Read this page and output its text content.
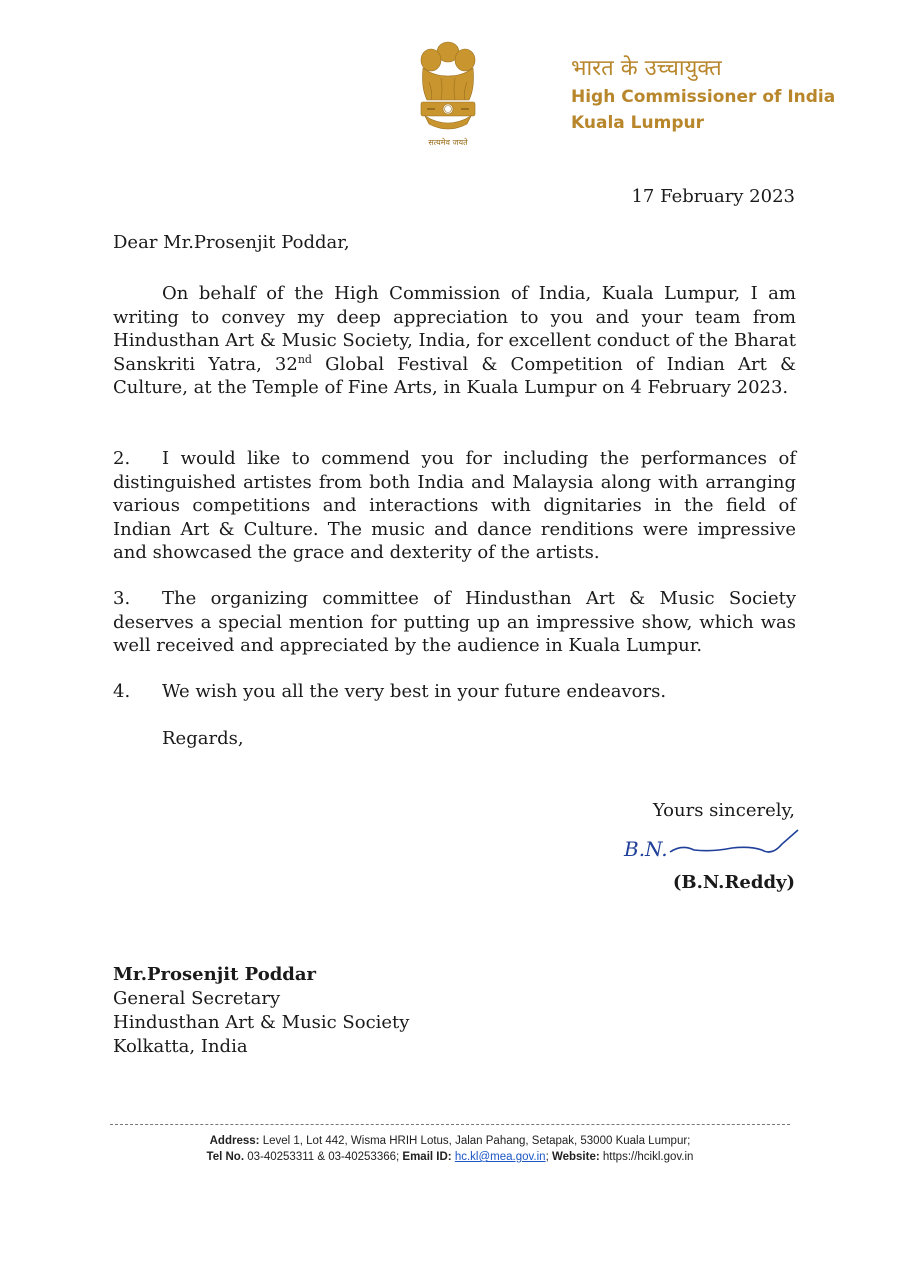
सत्यमेव जयते
भारत के उच्चायुक्त
High Commissioner of India
Kuala Lumpur
17 February 2023
Dear Mr.Prosenjit Poddar,
On behalf of the High Commission of India, Kuala Lumpur, I am writing to convey my deep appreciation to you and your team from Hindusthan Art & Music Society, India, for excellent conduct of the Bharat Sanskriti Yatra, 32nd Global Festival & Competition of Indian Art & Culture, at the Temple of Fine Arts, in Kuala Lumpur on 4 February 2023.
2. I would like to commend you for including the performances of distinguished artistes from both India and Malaysia along with arranging various competitions and interactions with dignitaries in the field of Indian Art & Culture. The music and dance renditions were impressive and showcased the grace and dexterity of the artists.
3. The organizing committee of Hindusthan Art & Music Society deserves a special mention for putting up an impressive show, which was well received and appreciated by the audience in Kuala Lumpur.
4. We wish you all the very best in your future endeavors.
Regards,
Yours sincerely,
B.N.
(B.N.Reddy)
Mr.Prosenjit Poddar
General Secretary
Hindusthan Art & Music Society
Kolkatta, India
Address: Level 1, Lot 442, Wisma HRIH Lotus, Jalan Pahang, Setapak, 53000 Kuala Lumpur;
Tel No. 03-40253311 & 03-40253366; Email ID: hc.kl@mea.gov.in; Website: https://hcikl.gov.in
